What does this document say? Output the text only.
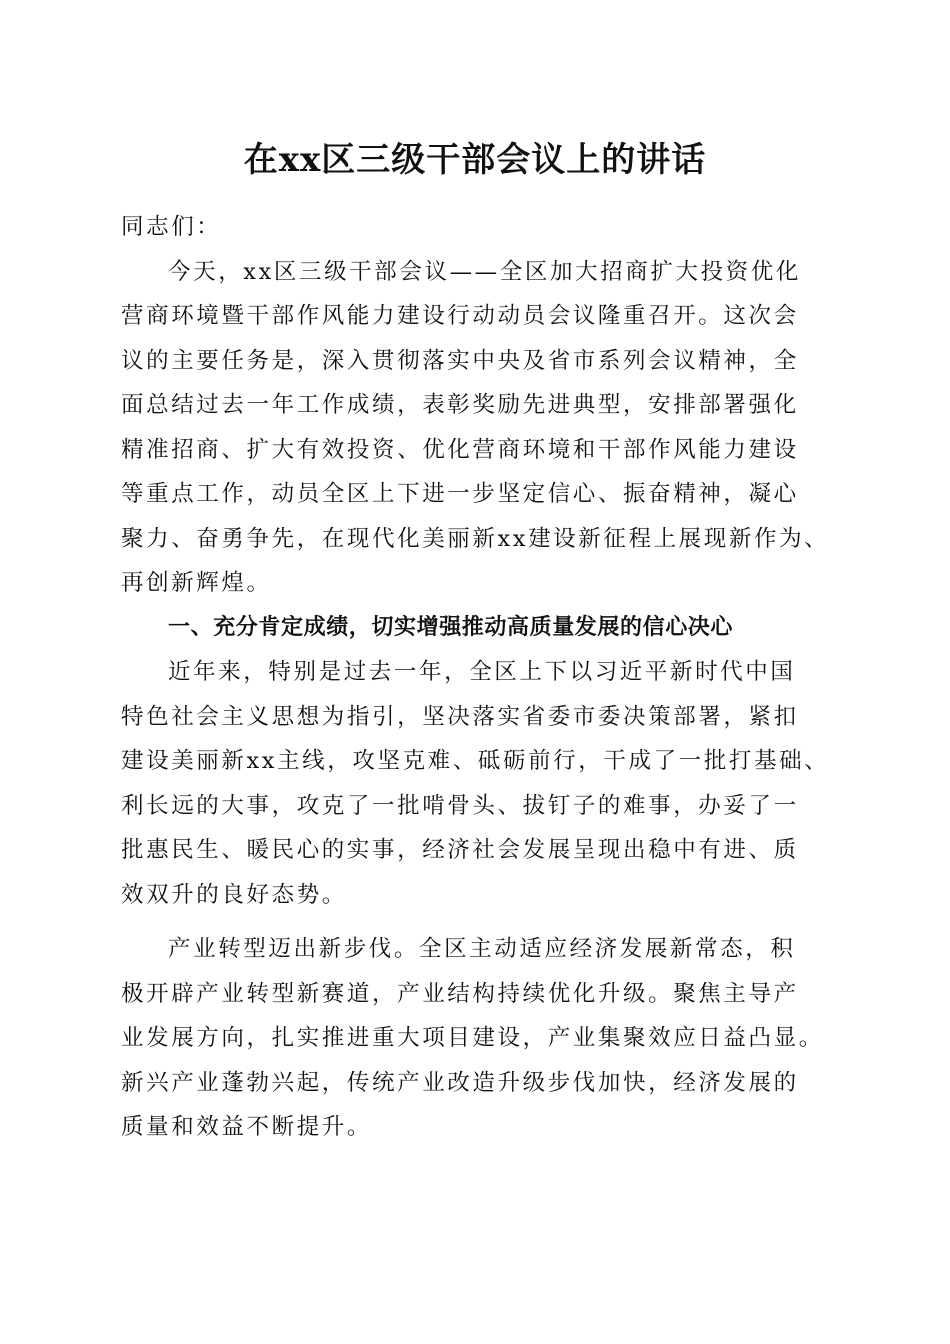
在xx区三级干部会议上的讲话
同志们：
今天，xx区三级干部会议——全区加大招商扩大投资优化
营商环境暨干部作风能力建设行动动员会议隆重召开。这次会
议的主要任务是，深入贯彻落实中央及省市系列会议精神，全
面总结过去一年工作成绩，表彰奖励先进典型，安排部署强化
精准招商、扩大有效投资、优化营商环境和干部作风能力建设
等重点工作，动员全区上下进一步坚定信心、振奋精神，凝心
聚力、奋勇争先，在现代化美丽新xx建设新征程上展现新作为、
再创新辉煌。
一、充分肯定成绩，切实增强推动高质量发展的信心决心
近年来，特别是过去一年，全区上下以习近平新时代中国
特色社会主义思想为指引，坚决落实省委市委决策部署，紧扣
建设美丽新xx主线，攻坚克难、砥砺前行，干成了一批打基础、
利长远的大事，攻克了一批啃骨头、拔钉子的难事，办妥了一
批惠民生、暖民心的实事，经济社会发展呈现出稳中有进、质
效双升的良好态势。
产业转型迈出新步伐。全区主动适应经济发展新常态，积
极开辟产业转型新赛道，产业结构持续优化升级。聚焦主导产
业发展方向，扎实推进重大项目建设，产业集聚效应日益凸显。
新兴产业蓬勃兴起，传统产业改造升级步伐加快，经济发展的
质量和效益不断提升。
